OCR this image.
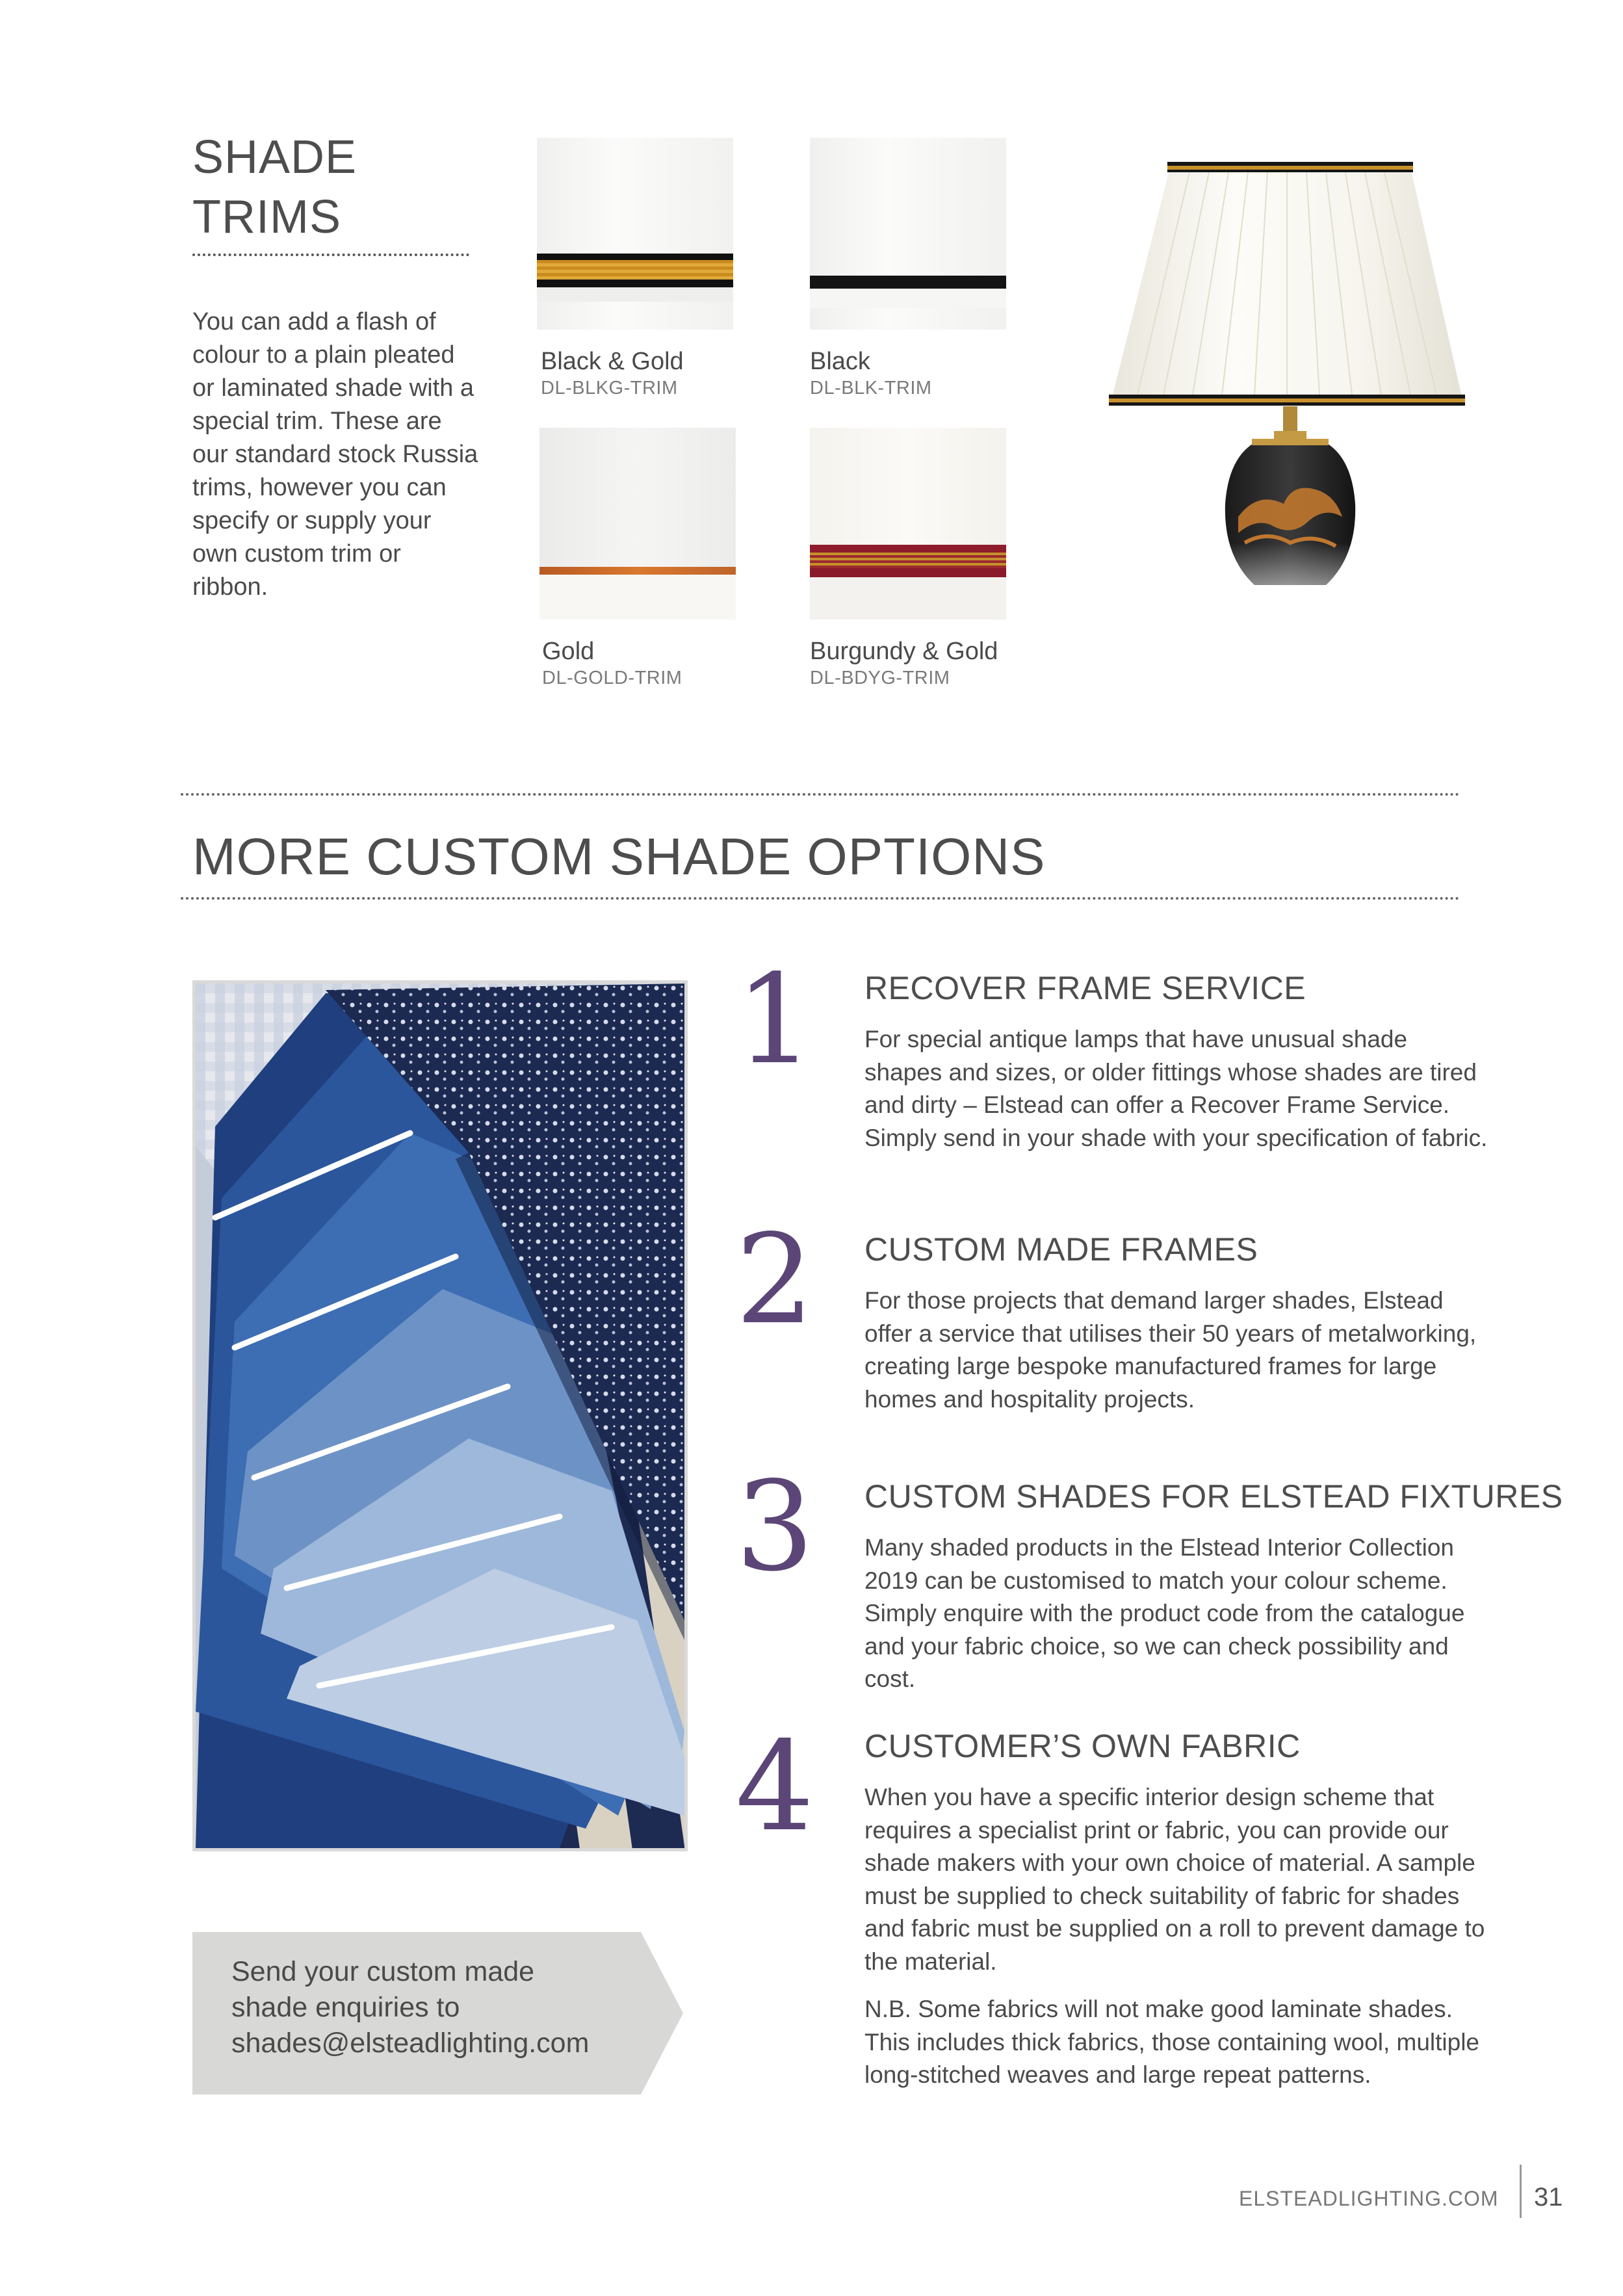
SHADE
TRIMS

You can add a flash of colour to a plain pleated or laminated shade with a special trim. These are our standard stock Russia trims, however you can specify or supply your own custom trim or ribbon.

Black & Gold
DL-BLKG-TRIM
Black
DL-BLK-TRIM
Gold
DL-GOLD-TRIM
Burgundy & Gold
DL-BDYG-TRIM
MORE CUSTOM SHADE OPTIONS
1 RECOVER FRAME SERVICE

For special antique lamps that have unusual shade shapes and sizes, or older fittings whose shades are tired and dirty – Elstead can offer a Recover Frame Service. Simply send in your shade with your specification of fabric.

2 CUSTOM MADE FRAMES

For those projects that demand larger shades, Elstead offer a service that utilises their 50 years of metalworking, creating large bespoke manufactured frames for large homes and hospitality projects.

3 CUSTOM SHADES FOR ELSTEAD FIXTURES

Many shaded products in the Elstead Interior Collection 2019 can be customised to match your colour scheme. Simply enquire with the product code from the catalogue and your fabric choice, so we can check possibility and cost.

4 CUSTOMER’S OWN FABRIC

When you have a specific interior design scheme that requires a specialist print or fabric, you can provide our shade makers with your own choice of material. A sample must be supplied to check suitability of fabric for shades and fabric must be supplied on a roll to prevent damage to the material.

N.B. Some fabrics will not make good laminate shades. This includes thick fabrics, those containing wool, multiple long-stitched weaves and large repeat patterns.

Send your custom made
shade enquiries to
shades@elsteadlighting.com
ELSTEADLIGHTING.COM 31
